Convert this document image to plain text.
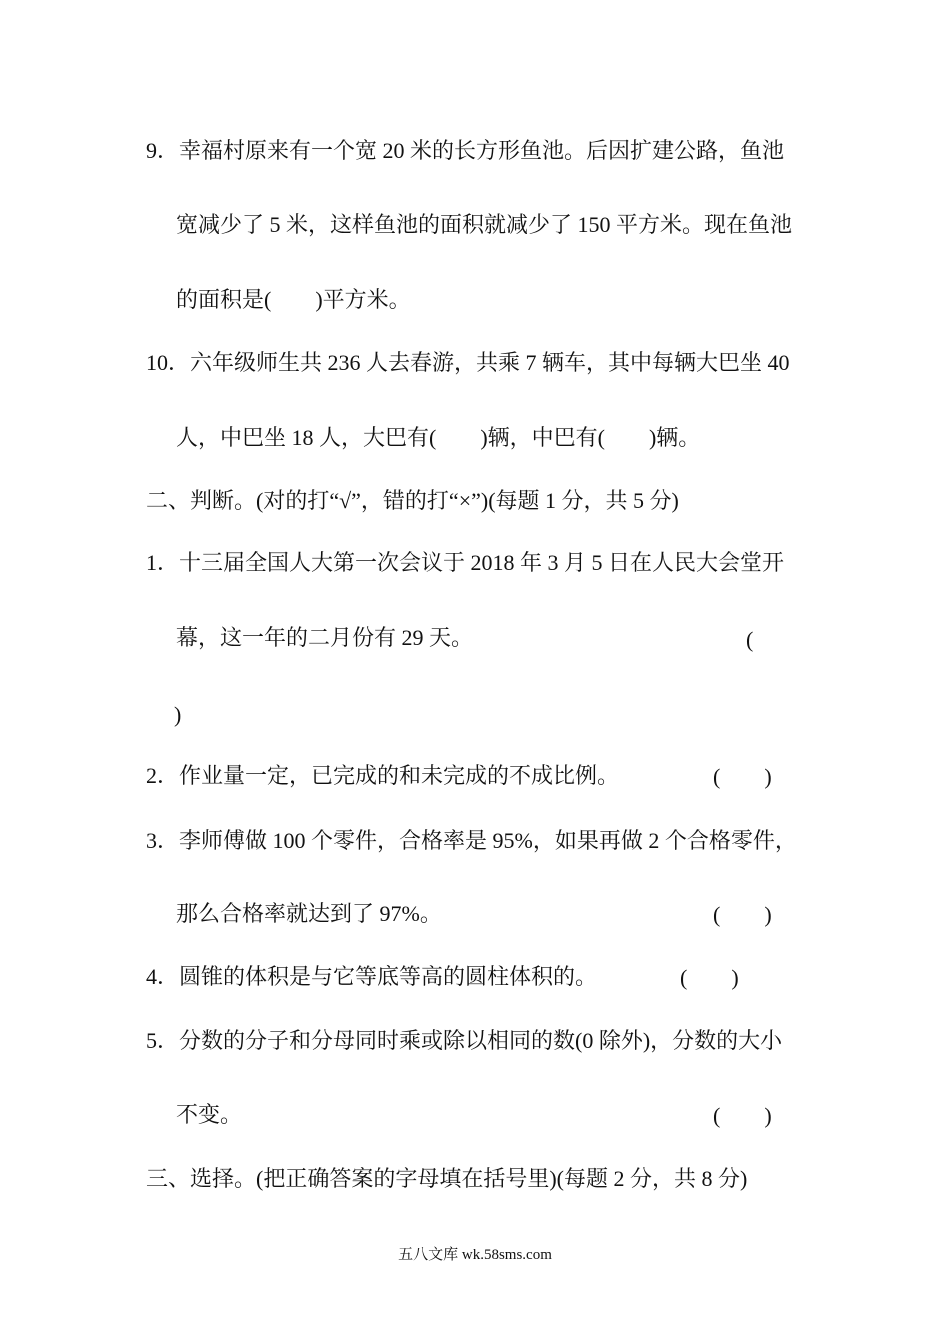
9．幸福村原来有一个宽 20 米的长方形鱼池。后因扩建公路，鱼池

宽减少了 5 米，这样鱼池的面积就减少了 150 平方米。现在鱼池

的面积是(　　)平方米。

10．六年级师生共 236 人去春游，共乘 7 辆车，其中每辆大巴坐 40

人，中巴坐 18 人，大巴有(　　)辆，中巴有(　　)辆。

二、判断。(对的打“√”，错的打“×”)(每题 1 分，共 5 分)

1．十三届全国人大第一次会议于 2018 年 3 月 5 日在人民大会堂开

幕，这一年的二月份有 29 天。	(
)

2．作业量一定，已完成的和未完成的不成比例。	(　　)

3．李师傅做 100 个零件，合格率是 95%，如果再做 2 个合格零件，

那么合格率就达到了 97%。	(　　)

4．圆锥的体积是与它等底等高的圆柱体积的。	(　　)

5．分数的分子和分母同时乘或除以相同的数(0 除外)，分数的大小

不变。	(　　)

三、选择。(把正确答案的字母填在括号里)(每题 2 分，共 8 分)

五八文库 wk.58sms.com
